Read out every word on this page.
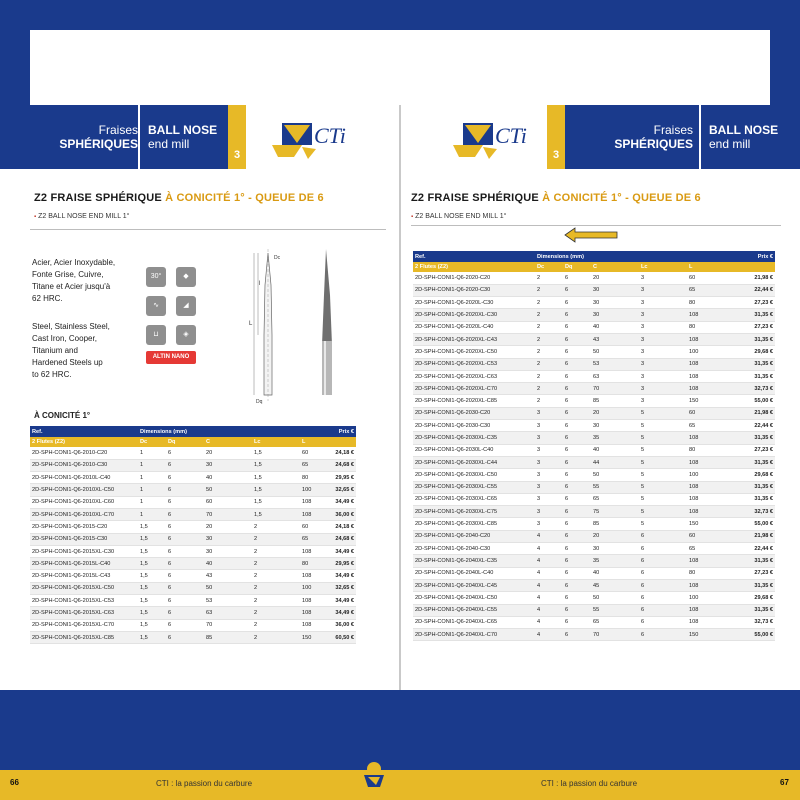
Fraises
SPHÉRIQUES
BALL NOSE
end mill
3
CTi
Z2 FRAISE SPHÉRIQUE À CONICITÉ 1° - QUEUE DE 6
▪ Z2 BALL NOSE END MILL 1°
Acier, Acier Inoxydable,
Fonte Grise, Cuivre,
Titane et Acier jusqu'à
62 HRC.
Steel, Stainless Steel,
Cast Iron, Cooper,
Titanium and
Hardened Steels up
to 62 HRC.
30°	◆
∿	◢
⊔	◈
ALTIN NANO
L
l
Dq
Dc
À CONICITÉ 1°
Ref.	Dimensions (mm)					Prix €
2 Flutes (Z2)	Dc	Dq	C	Lc	L	
2D-SPH-CONI1-Q6-2010-C20	1	6	20	1,5	60	24,18 €
2D-SPH-CONI1-Q6-2010-C30	1	6	30	1,5	65	24,68 €
2D-SPH-CONI1-Q6-2010L-C40	1	6	40	1,5	80	29,95 €
2D-SPH-CONI1-Q6-2010XL-C50	1	6	50	1,5	100	32,65 €
2D-SPH-CONI1-Q6-2010XL-C60	1	6	60	1,5	108	34,49 €
2D-SPH-CONI1-Q6-2010XL-C70	1	6	70	1,5	108	36,00 €
2D-SPH-CONI1-Q6-2015-C20	1,5	6	20	2	60	24,18 €
2D-SPH-CONI1-Q6-2015-C30	1,5	6	30	2	65	24,68 €
2D-SPH-CONI1-Q6-2015XL-C30	1,5	6	30	2	108	34,49 €
2D-SPH-CONI1-Q6-2015L-C40	1,5	6	40	2	80	29,95 €
2D-SPH-CONI1-Q6-2015L-C43	1,5	6	43	2	108	34,49 €
2D-SPH-CONI1-Q6-2015XL-C50	1,5	6	50	2	100	32,65 €
2D-SPH-CONI1-Q6-2015XL-C53	1,5	6	53	2	108	34,49 €
2D-SPH-CONI1-Q6-2015XL-C63	1,5	6	63	2	108	34,49 €
2D-SPH-CONI1-Q6-2015XL-C70	1,5	6	70	2	108	36,00 €
2D-SPH-CONI1-Q6-2015XL-C85	1,5	6	85	2	150	60,50 €
66	CTI : la passion du carbure
CTi
3
Fraises
SPHÉRIQUES
BALL NOSE
end mill
Z2 FRAISE SPHÉRIQUE À CONICITÉ 1° - QUEUE DE 6
▪ Z2 BALL NOSE END MILL 1°
Ref.	Dimensions (mm)					Prix €
2 Flutes (Z2)	Dc	Dq	C	Lc	L	
2D-SPH-CONI1-Q6-2020-C20	2	6	20	3	60	21,98 €
2D-SPH-CONI1-Q6-2020-C30	2	6	30	3	65	22,44 €
2D-SPH-CONI1-Q6-2020L-C30	2	6	30	3	80	27,23 €
2D-SPH-CONI1-Q6-2020XL-C30	2	6	30	3	108	31,35 €
2D-SPH-CONI1-Q6-2020L-C40	2	6	40	3	80	27,23 €
2D-SPH-CONI1-Q6-2020XL-C43	2	6	43	3	108	31,35 €
2D-SPH-CONI1-Q6-2020XL-C50	2	6	50	3	100	29,68 €
2D-SPH-CONI1-Q6-2020XL-C53	2	6	53	3	108	31,35 €
2D-SPH-CONI1-Q6-2020XL-C63	2	6	63	3	108	31,35 €
2D-SPH-CONI1-Q6-2020XL-C70	2	6	70	3	108	32,73 €
2D-SPH-CONI1-Q6-2020XL-C85	2	6	85	3	150	55,00 €
2D-SPH-CONI1-Q6-2030-C20	3	6	20	5	60	21,98 €
2D-SPH-CONI1-Q6-2030-C30	3	6	30	5	65	22,44 €
2D-SPH-CONI1-Q6-2030XL-C35	3	6	35	5	108	31,35 €
2D-SPH-CONI1-Q6-2030L-C40	3	6	40	5	80	27,23 €
2D-SPH-CONI1-Q6-2030XL-C44	3	6	44	5	108	31,35 €
2D-SPH-CONI1-Q6-2030XL-C50	3	6	50	5	100	29,68 €
2D-SPH-CONI1-Q6-2030XL-C55	3	6	55	5	108	31,35 €
2D-SPH-CONI1-Q6-2030XL-C65	3	6	65	5	108	31,35 €
2D-SPH-CONI1-Q6-2030XL-C75	3	6	75	5	108	32,73 €
2D-SPH-CONI1-Q6-2030XL-C85	3	6	85	5	150	55,00 €
2D-SPH-CONI1-Q6-2040-C20	4	6	20	6	60	21,98 €
2D-SPH-CONI1-Q6-2040-C30	4	6	30	6	65	22,44 €
2D-SPH-CONI1-Q6-2040XL-C35	4	6	35	6	108	31,35 €
2D-SPH-CONI1-Q6-2040L-C40	4	6	40	6	80	27,23 €
2D-SPH-CONI1-Q6-2040XL-C45	4	6	45	6	108	31,35 €
2D-SPH-CONI1-Q6-2040XL-C50	4	6	50	6	100	29,68 €
2D-SPH-CONI1-Q6-2040XL-C55	4	6	55	6	108	31,35 €
2D-SPH-CONI1-Q6-2040XL-C65	4	6	65	6	108	32,73 €
2D-SPH-CONI1-Q6-2040XL-C70	4	6	70	6	150	55,00 €
CTI : la passion du carbure	67
